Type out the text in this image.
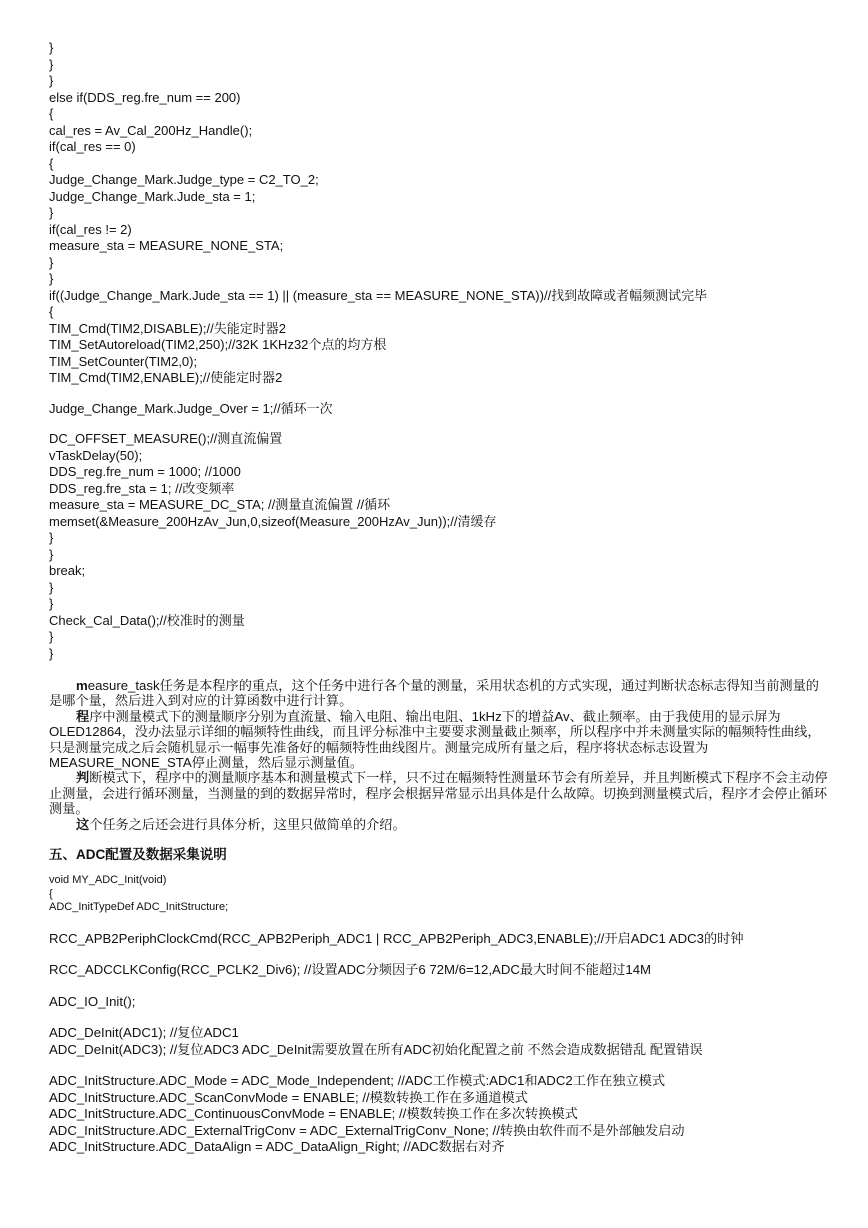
}
}
}
else if(DDS_reg.fre_num == 200)
{
cal_res = Av_Cal_200Hz_Handle();
if(cal_res == 0)
{
Judge_Change_Mark.Judge_type = C2_TO_2;
Judge_Change_Mark.Jude_sta = 1;
}
if(cal_res != 2)
measure_sta = MEASURE_NONE_STA;
}
}
if((Judge_Change_Mark.Jude_sta == 1) || (measure_sta == MEASURE_NONE_STA))//找到故障或者幅频测试完毕
{
TIM_Cmd(TIM2,DISABLE);//失能定时器2
TIM_SetAutoreload(TIM2,250);//32K 1KHz32个点的均方根
TIM_SetCounter(TIM2,0);
TIM_Cmd(TIM2,ENABLE);//使能定时器2
Judge_Change_Mark.Judge_Over = 1;//循环一次
DC_OFFSET_MEASURE();//测直流偏置
vTaskDelay(50);
DDS_reg.fre_num = 1000; //1000
DDS_reg.fre_sta = 1; //改变频率
measure_sta = MEASURE_DC_STA; //测量直流偏置 //循环
memset(&Measure_200HzAv_Jun,0,sizeof(Measure_200HzAv_Jun));//清缓存
}
}
break;
}
}
Check_Cal_Data();//校准时的测量
}
}

measure_task任务是本程序的重点，这个任务中进行各个量的测量，采用状态机的方式实现，通过判断状态标志得知当前测量的是哪个量，然后进入到对应的计算函数中进行计算。

程序中测量模式下的测量顺序分别为直流量、输入电阻、输出电阻、1kHz下的增益Av、截止频率。由于我使用的显示屏为OLED12864，没办法显示详细的幅频特性曲线，而且评分标准中主要要求测量截止频率，所以程序中并未测量实际的幅频特性曲线，只是测量完成之后会随机显示一幅事先准备好的幅频特性曲线图片。测量完成所有量之后，程序将状态标志设置为MEASURE_NONE_STA停止测量，然后显示测量值。

判断模式下，程序中的测量顺序基本和测量模式下一样，只不过在幅频特性测量环节会有所差异，并且判断模式下程序不会主动停止测量，会进行循环测量，当测量的到的数据异常时，程序会根据异常显示出具体是什么故障。切换到测量模式后，程序才会停止循环测量。

这个任务之后还会进行具体分析，这里只做简单的介绍。

五、ADC配置及数据采集说明
void MY_ADC_Init(void)
{
ADC_InitTypeDef ADC_InitStructure;
RCC_APB2PeriphClockCmd(RCC_APB2Periph_ADC1 | RCC_APB2Periph_ADC3,ENABLE);//开启ADC1 ADC3的时钟
RCC_ADCCLKConfig(RCC_PCLK2_Div6); //设置ADC分频因子6 72M/6=12,ADC最大时间不能超过14M
ADC_IO_Init();
ADC_DeInit(ADC1); //复位ADC1
ADC_DeInit(ADC3); //复位ADC3 ADC_DeInit需要放置在所有ADC初始化配置之前 不然会造成数据错乱 配置错误
ADC_InitStructure.ADC_Mode = ADC_Mode_Independent; //ADC工作模式:ADC1和ADC2工作在独立模式
ADC_InitStructure.ADC_ScanConvMode = ENABLE; //模数转换工作在多通道模式
ADC_InitStructure.ADC_ContinuousConvMode = ENABLE; //模数转换工作在多次转换模式
ADC_InitStructure.ADC_ExternalTrigConv = ADC_ExternalTrigConv_None; //转换由软件而不是外部触发启动
ADC_InitStructure.ADC_DataAlign = ADC_DataAlign_Right; //ADC数据右对齐
